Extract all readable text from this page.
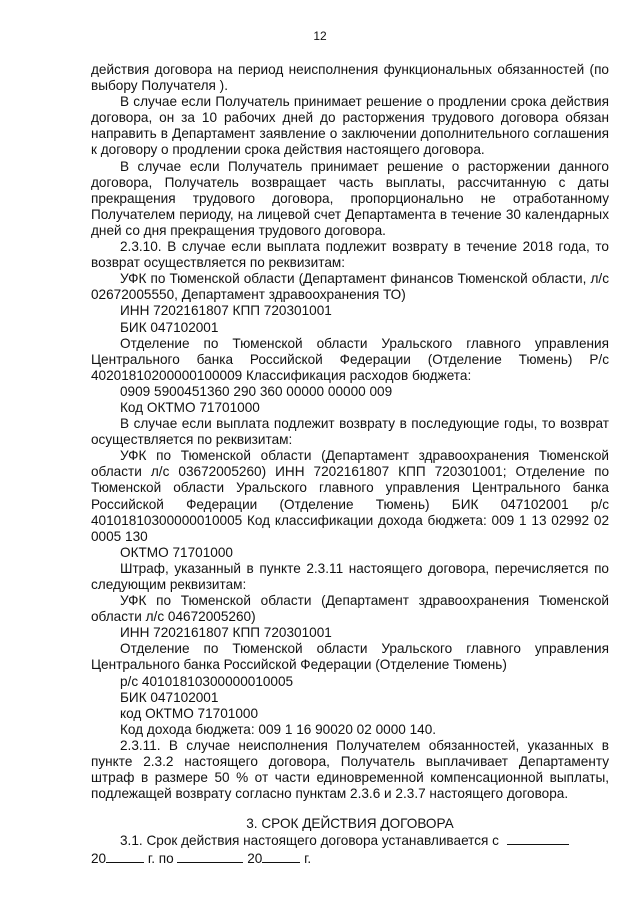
12

действия договора на период неисполнения функциональных обязанностей (по выбору Получателя ).

В случае если Получатель принимает решение о продлении срока действия договора, он за 10 рабочих дней до расторжения трудового договора обязан направить в Департамент заявление о заключении дополнительного соглашения к договору о продлении срока действия настоящего договора.

В случае если Получатель принимает решение о расторжении данного договора, Получатель возвращает часть выплаты, рассчитанную с даты прекращения трудового договора, пропорционально не отработанному Получателем периоду, на лицевой счет Департамента в течение 30 календарных дней со дня прекращения трудового договора.

2.3.10. В случае если выплата подлежит возврату в течение 2018 года, то возврат осуществляется по реквизитам:

УФК по Тюменской области (Департамент финансов Тюменской области, л/с 02672005550, Департамент здравоохранения ТО)

ИНН 7202161807 КПП 720301001

БИК 047102001

Отделение по Тюменской области Уральского главного управления Центрального банка Российской Федерации (Отделение Тюмень) Р/с 40201810200000100009 Классификация расходов бюджета:

0909 5900451360 290 360 00000 00000 009

Код ОКТМО 71701000

В случае если выплата подлежит возврату в последующие годы, то возврат осуществляется по реквизитам:

УФК по Тюменской области (Департамент здравоохранения Тюменской области л/с 03672005260) ИНН 7202161807 КПП 720301001; Отделение по Тюменской области Уральского главного управления Центрального банка Российской Федерации (Отделение Тюмень) БИК 047102001 р/с 40101810300000010005 Код классификации дохода бюджета: 009 1 13 02992 02 0005 130

ОКТМО 71701000

Штраф, указанный в пункте 2.3.11 настоящего договора, перечисляется по следующим реквизитам:

УФК по Тюменской области (Департамент здравоохранения Тюменской области л/с 04672005260)

ИНН 7202161807 КПП 720301001

Отделение по Тюменской области Уральского главного управления Центрального банка Российской Федерации (Отделение Тюмень)

р/с 40101810300000010005

БИК 047102001

код ОКТМО 71701000

Код дохода бюджета: 009 1 16 90020 02 0000 140.

2.3.11. В случае неисполнения Получателем обязанностей, указанных в пункте 2.3.2 настоящего договора, Получатель выплачивает Департаменту штраф в размере 50 % от части единовременной компенсационной выплаты, подлежащей возврату согласно пунктам 2.3.6 и 2.3.7 настоящего договора.

3. СРОК ДЕЙСТВИЯ ДОГОВОРА

3.1. Срок действия настоящего договора устанавливается с

20	г. по	20	г.
